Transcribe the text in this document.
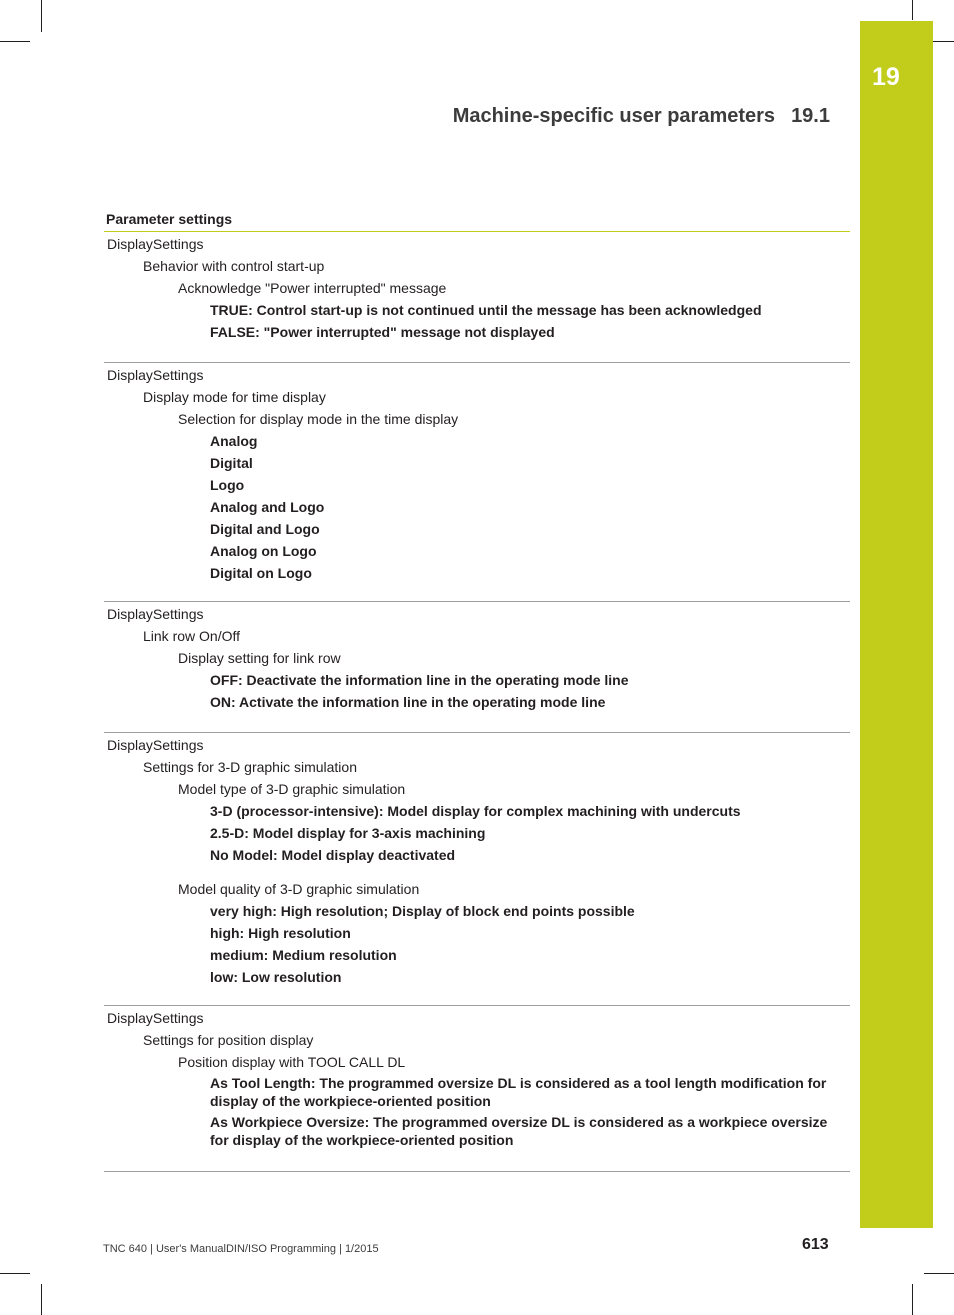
19
Machine-specific user parameters 19.1
Parameter settings
DisplaySettings
Behavior with control start-up
Acknowledge "Power interrupted" message
TRUE: Control start-up is not continued until the message has been acknowledged
FALSE: "Power interrupted" message not displayed
DisplaySettings
Display mode for time display
Selection for display mode in the time display
Analog
Digital
Logo
Analog and Logo
Digital and Logo
Analog on Logo
Digital on Logo
DisplaySettings
Link row On/Off
Display setting for link row
OFF: Deactivate the information line in the operating mode line
ON: Activate the information line in the operating mode line
DisplaySettings
Settings for 3-D graphic simulation
Model type of 3-D graphic simulation
3-D (processor-intensive): Model display for complex machining with undercuts
2.5-D: Model display for 3-axis machining
No Model: Model display deactivated
Model quality of 3-D graphic simulation
very high: High resolution; Display of block end points possible
high: High resolution
medium: Medium resolution
low: Low resolution
DisplaySettings
Settings for position display
Position display with TOOL CALL DL
As Tool Length: The programmed oversize DL is considered as a tool length modification for display of the workpiece-oriented position
As Workpiece Oversize: The programmed oversize DL is considered as a workpiece oversize for display of the workpiece-oriented position
TNC 640 | User's ManualDIN/ISO Programming | 1/2015	613
